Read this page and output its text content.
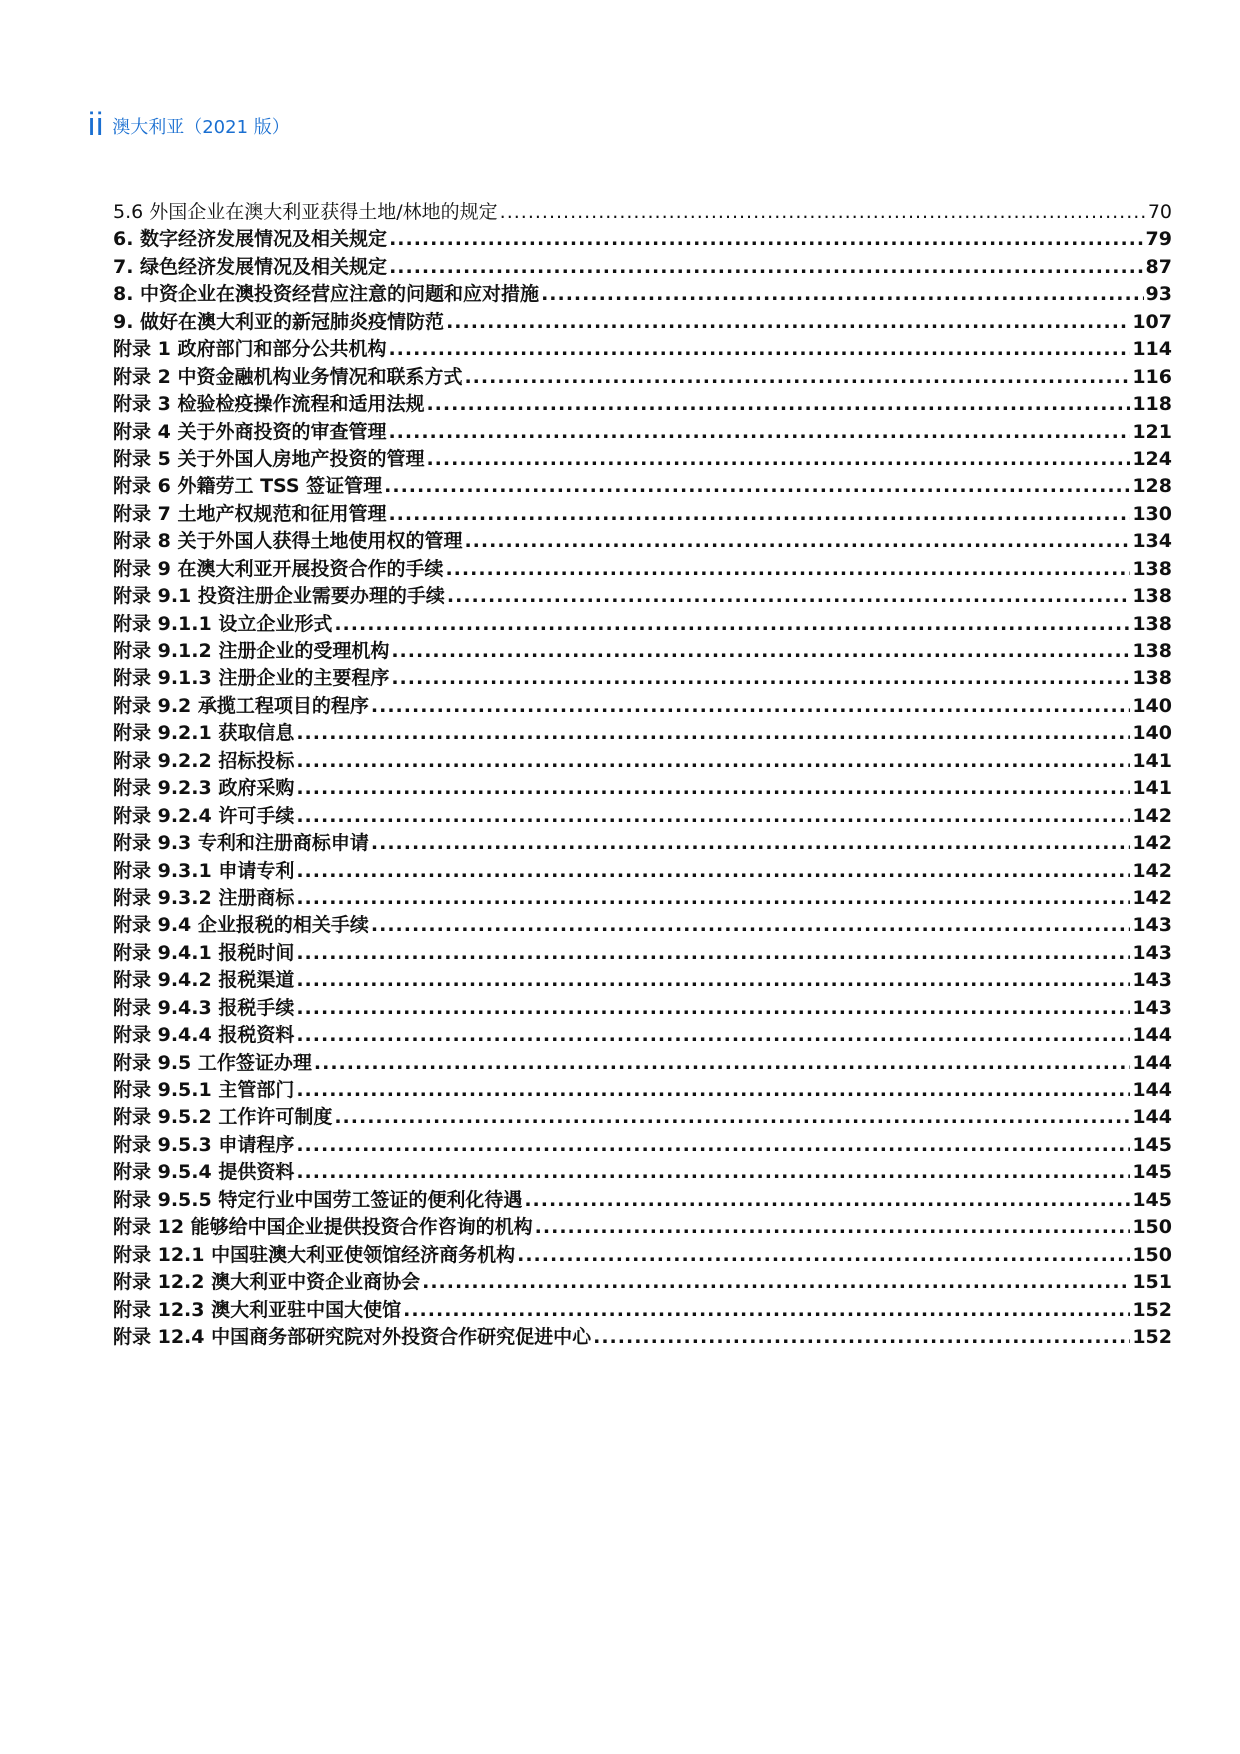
ii 澳大利亚（2021 版）
5.6 外国企业在澳大利亚获得土地/林地的规定 .....	70
6. 数字经济发展情况及相关规定 .....	79
7. 绿色经济发展情况及相关规定 .....	87
8. 中资企业在澳投资经营应注意的问题和应对措施 .....	93
9. 做好在澳大利亚的新冠肺炎疫情防范 .....	107
附录 1 政府部门和部分公共机构 .....	114
附录 2 中资金融机构业务情况和联系方式 .....	116
附录 3 检验检疫操作流程和适用法规 .....	118
附录 4 关于外商投资的审查管理 .....	121
附录 5 关于外国人房地产投资的管理 .....	124
附录 6 外籍劳工 TSS 签证管理 .....	128
附录 7 土地产权规范和征用管理 .....	130
附录 8 关于外国人获得土地使用权的管理 .....	134
附录 9 在澳大利亚开展投资合作的手续 .....	138
附录 9.1 投资注册企业需要办理的手续 .....	138
附录 9.1.1 设立企业形式 .....	138
附录 9.1.2 注册企业的受理机构 .....	138
附录 9.1.3 注册企业的主要程序 .....	138
附录 9.2 承揽工程项目的程序 .....	140
附录 9.2.1 获取信息 .....	140
附录 9.2.2 招标投标 .....	141
附录 9.2.3 政府采购 .....	141
附录 9.2.4 许可手续 .....	142
附录 9.3 专利和注册商标申请 .....	142
附录 9.3.1 申请专利 .....	142
附录 9.3.2 注册商标 .....	142
附录 9.4 企业报税的相关手续 .....	143
附录 9.4.1 报税时间 .....	143
附录 9.4.2 报税渠道 .....	143
附录 9.4.3 报税手续 .....	143
附录 9.4.4 报税资料 .....	144
附录 9.5 工作签证办理 .....	144
附录 9.5.1 主管部门 .....	144
附录 9.5.2 工作许可制度 .....	144
附录 9.5.3 申请程序 .....	145
附录 9.5.4 提供资料 .....	145
附录 9.5.5 特定行业中国劳工签证的便利化待遇 .....	145
附录 12 能够给中国企业提供投资合作咨询的机构 .....	150
附录 12.1 中国驻澳大利亚使领馆经济商务机构 .....	150
附录 12.2 澳大利亚中资企业商协会 .....	151
附录 12.3 澳大利亚驻中国大使馆 .....	152
附录 12.4 中国商务部研究院对外投资合作研究促进中心 .....	152
